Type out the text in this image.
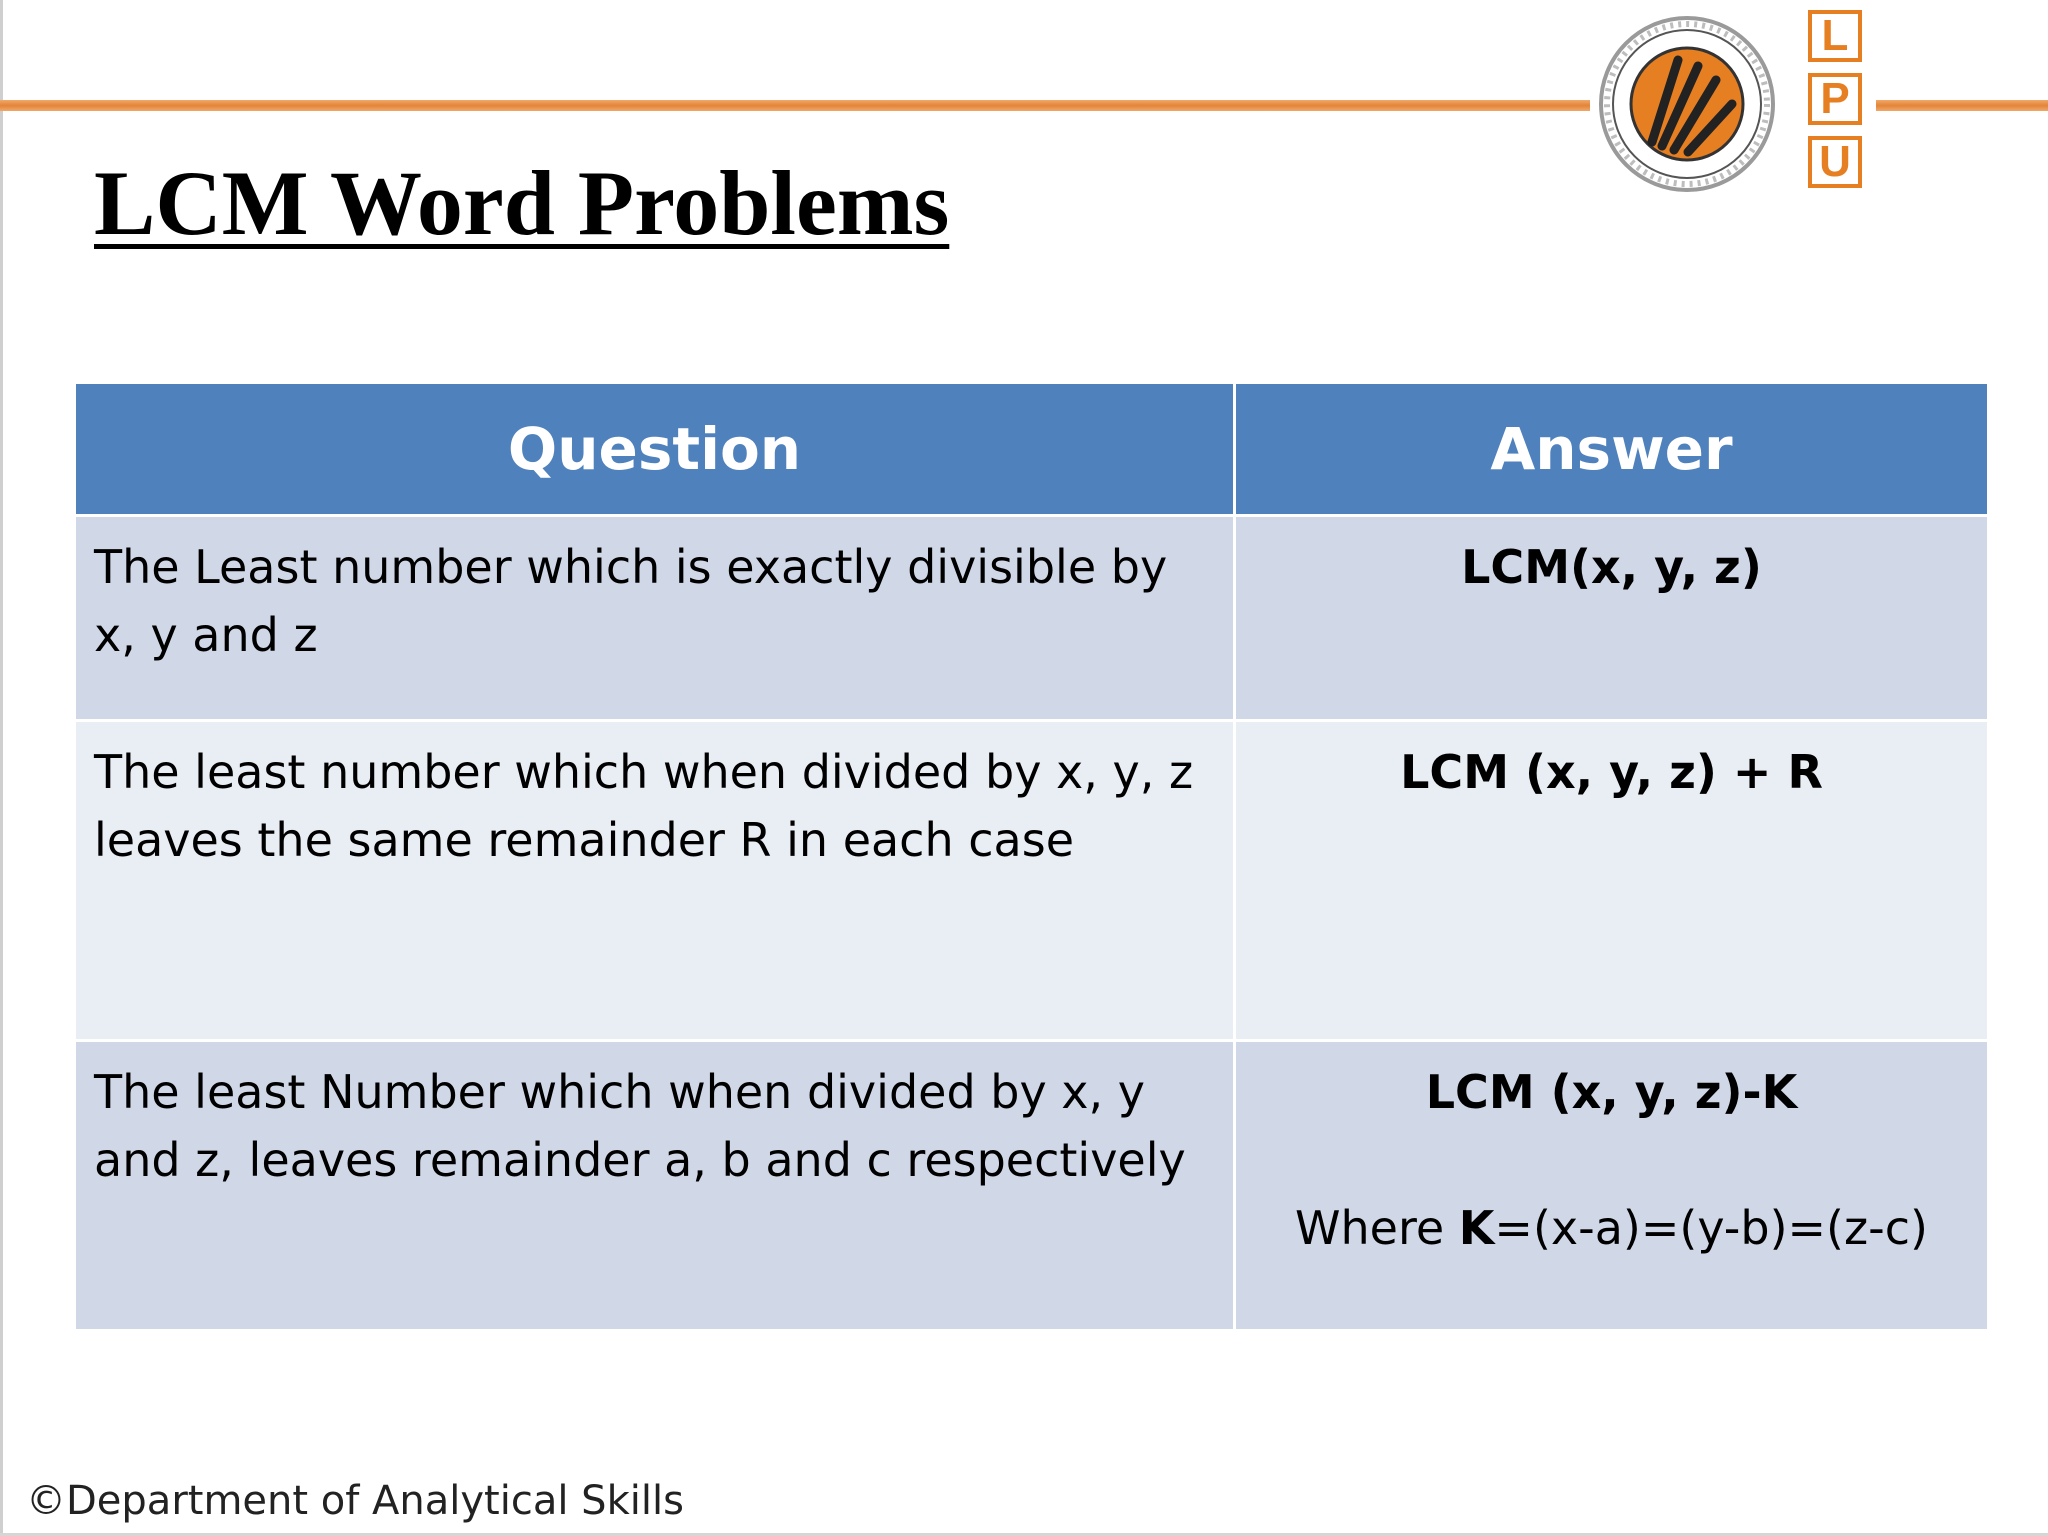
L
P
U
LCM Word Problems
Question	Answer
The Least number which is exactly divisible by x, y and z	LCM(x, y, z)

The least number which when divided by x, y, z leaves the same remainder R in each case	LCM (x, y, z) + R

The least Number which when divided by x, y and z, leaves remainder a, b and c respectively	LCM (x, y, z)-K
Where K=(x-a)=(y-b)=(z-c)
©Department of Analytical Skills
